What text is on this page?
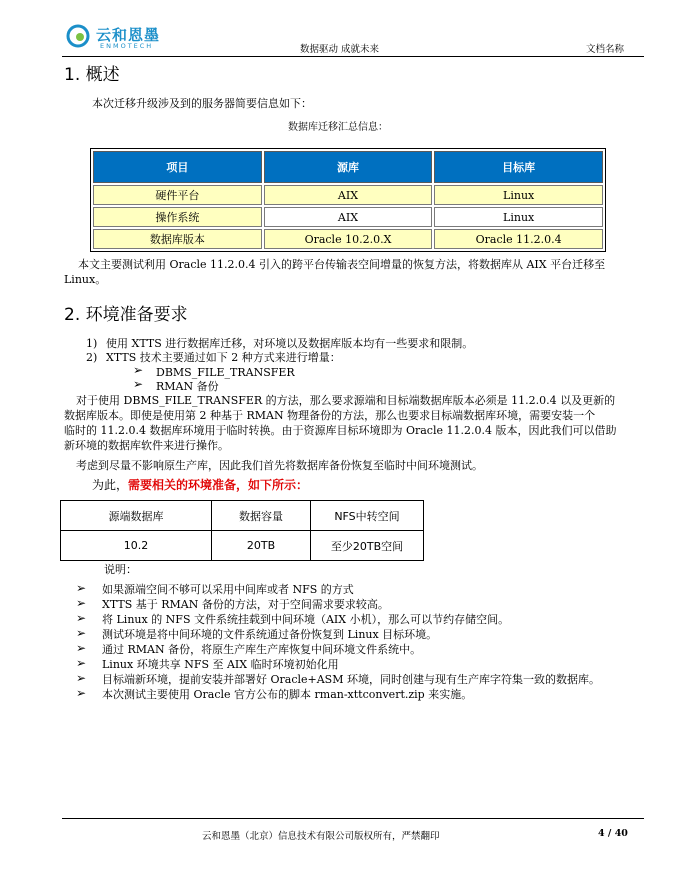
云和恩墨
ENMOTECH	数据驱动 成就未来	文档名称
1. 概述
本次迁移升级涉及到的服务器简要信息如下：
数据库迁移汇总信息：
项目	源库	目标库
硬件平台	AIX	Linux
操作系统	AIX	Linux
数据库版本	Oracle 10.2.0.X	Oracle 11.2.0.4
本文主要测试利用 Oracle 11.2.0.4 引入的跨平台传输表空间增量的恢复方法，将数据库从 AIX 平台迁移至
Linux。
2. 环境准备要求
1) 使用 XTTS 进行数据库迁移，对环境以及数据库版本均有一些要求和限制。
2) XTTS 技术主要通过如下 2 种方式来进行增量：
➢ DBMS_FILE_TRANSFER
➢ RMAN 备份
对于使用 DBMS_FILE_TRANSFER 的方法，那么要求源端和目标端数据库版本必须是 11.2.0.4 以及更新的
数据库版本。即使是使用第 2 种基于 RMAN 物理备份的方法，那么也要求目标端数据库环境，需要安装一个
临时的 11.2.0.4 数据库环境用于临时转换。由于资源库目标环境即为 Oracle 11.2.0.4 版本，因此我们可以借助
新环境的数据库软件来进行操作。
考虑到尽量不影响原生产库，因此我们首先将数据库备份恢复至临时中间环境测试。
为此，需要相关的环境准备，如下所示：
源端数据库	数据容量	NFS中转空间
10.2	20TB	至少20TB空间
说明：
➢ 如果源端空间不够可以采用中间库或者 NFS 的方式
➢ XTTS 基于 RMAN 备份的方法，对于空间需求要求较高。
➢ 将 Linux 的 NFS 文件系统挂载到中间环境（AIX 小机），那么可以节约存储空间。
➢ 测试环境是将中间环境的文件系统通过备份恢复到 Linux 目标环境。
➢ 通过 RMAN 备份，将原生产库生产库恢复中间环境文件系统中。
➢ Linux 环境共享 NFS 至 AIX 临时环境初始化用
➢ 目标端新环境，提前安装并部署好 Oracle+ASM 环境，同时创建与现有生产库字符集一致的数据库。
➢ 本次测试主要使用 Oracle 官方公布的脚本 rman-xttconvert.zip 来实施。
云和恩墨（北京）信息技术有限公司版权所有，严禁翻印	4 / 40
